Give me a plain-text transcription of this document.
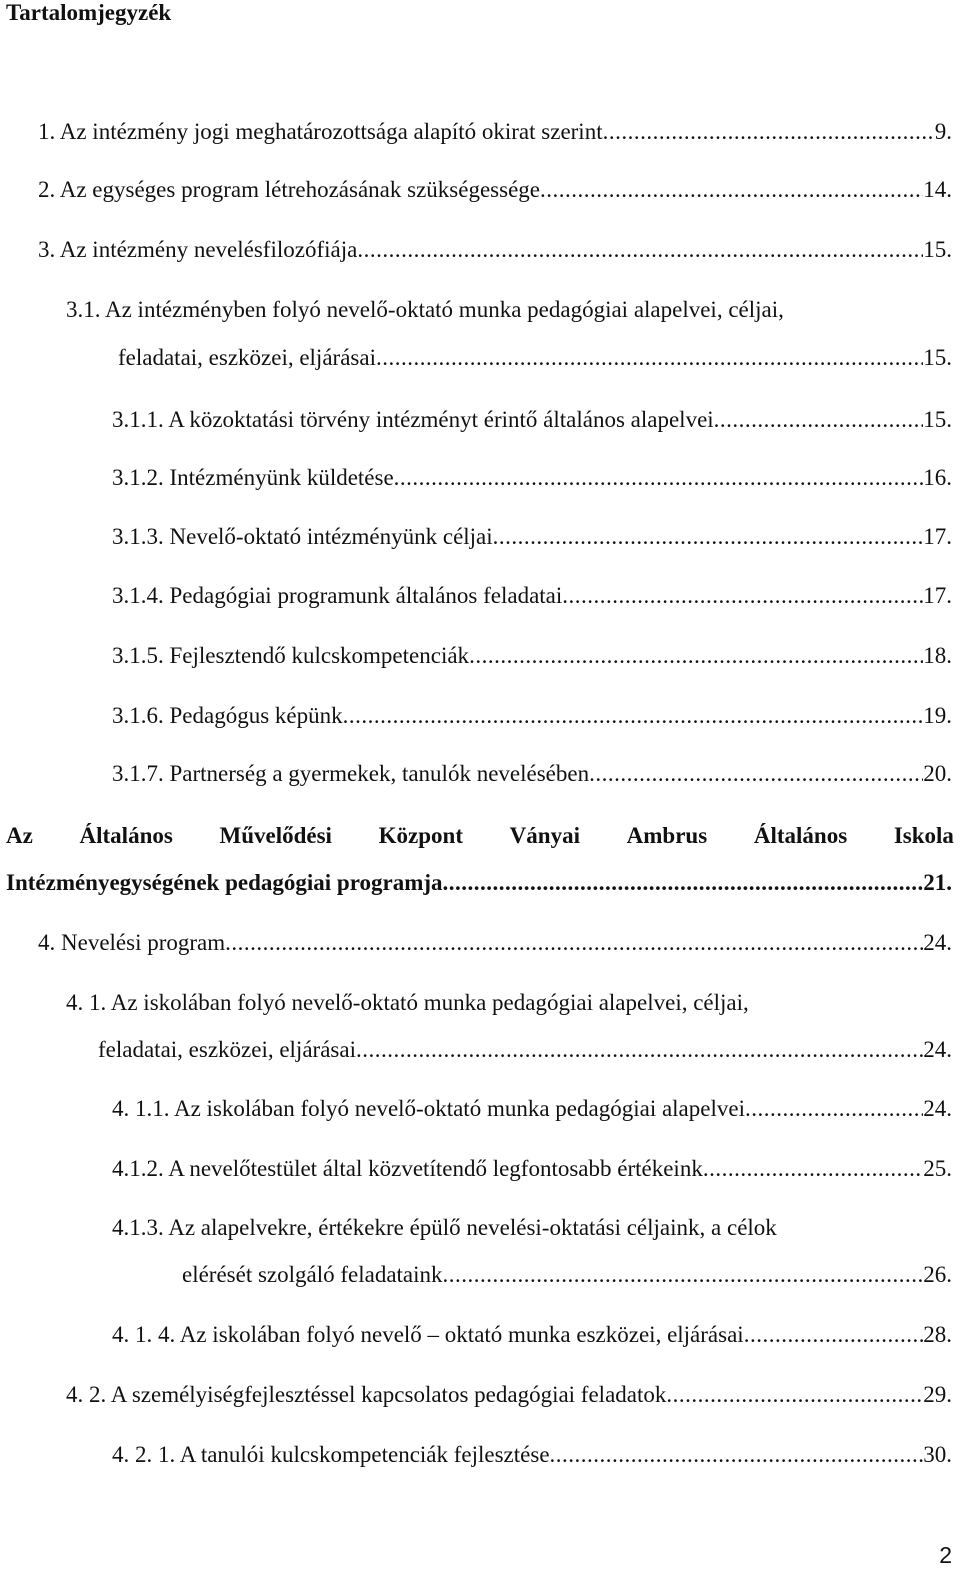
Tartalomjegyzék
1. Az intézmény jogi meghatározottsága alapító okirat szerint .....	9.
2. Az egységes program létrehozásának szükségessége .....	14.
3. Az intézmény nevelésfilozófiája .....	15.
3.1. Az intézményben folyó nevelő-oktató munka pedagógiai alapelvei, céljai,
feladatai, eszközei, eljárásai .....	15.
3.1.1. A közoktatási törvény intézményt érintő általános alapelvei .....	15.
3.1.2. Intézményünk küldetése .....	16.
3.1.3. Nevelő-oktató intézményünk céljai .....	17.
3.1.4. Pedagógiai programunk általános feladatai .....	17.
3.1.5. Fejlesztendő kulcskompetenciák .....	18.
3.1.6. Pedagógus képünk .....	19.
3.1.7. Partnerség a gyermekek, tanulók nevelésében .....	20.
Az Általános Művelődési Központ Ványai Ambrus Általános Iskola
Intézményegységének pedagógiai programja .....	21.
4. Nevelési program .....	24.
4. 1. Az iskolában folyó nevelő-oktató munka pedagógiai alapelvei, céljai,
feladatai, eszközei, eljárásai .....	24.
4. 1.1. Az iskolában folyó nevelő-oktató munka pedagógiai alapelvei .....	24.
4.1.2. A nevelőtestület által közvetítendő legfontosabb értékeink .....	25.
4.1.3. Az alapelvekre, értékekre épülő nevelési-oktatási céljaink, a célok
elérését szolgáló feladataink .....	26.
4. 1. 4. Az iskolában folyó nevelő – oktató munka eszközei, eljárásai .....	28.
4. 2. A személyiségfejlesztéssel kapcsolatos pedagógiai feladatok .....	29.
4. 2. 1. A tanulói kulcskompetenciák fejlesztése .....	30.
2
